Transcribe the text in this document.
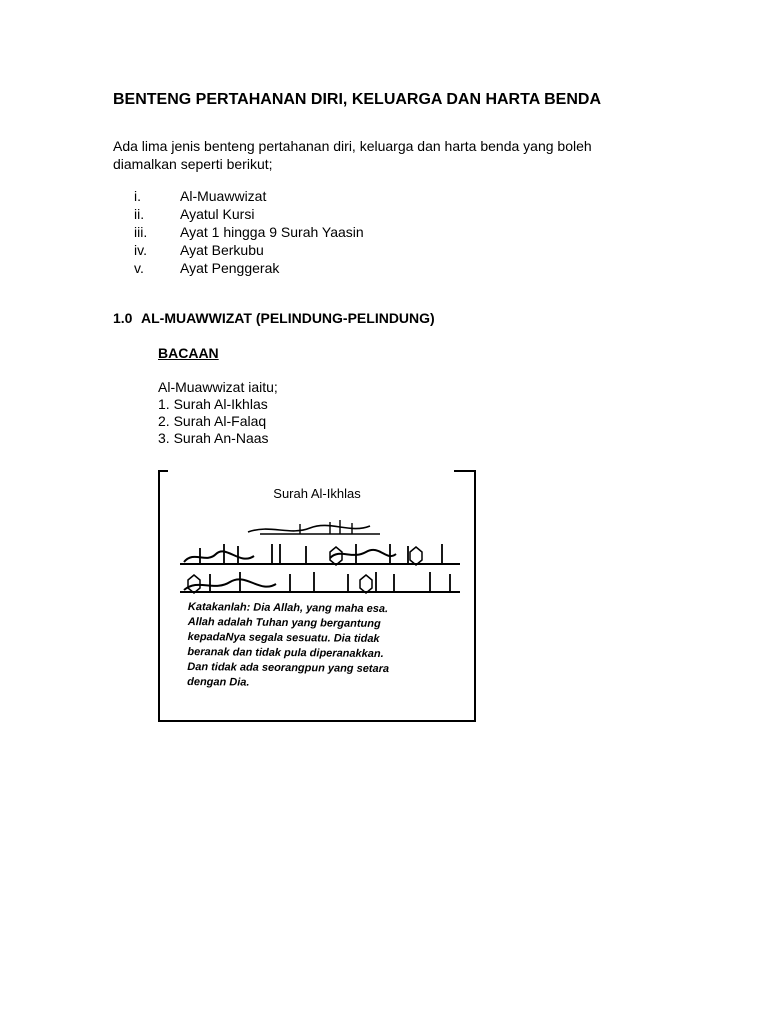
BENTENG PERTAHANAN DIRI, KELUARGA DAN HARTA BENDA
Ada lima jenis benteng pertahanan diri, keluarga dan harta benda yang boleh diamalkan seperti berikut;
i.	Al-Muawwizat
ii.	Ayatul Kursi
iii.	Ayat 1 hingga 9 Surah Yaasin
iv.	Ayat Berkubu
v.	Ayat Penggerak
1.0 AL-MUAWWIZAT (PELINDUNG-PELINDUNG)
BACAAN
Al-Muawwizat iaitu;
1. Surah Al-Ikhlas
2. Surah Al-Falaq
3. Surah An-Naas
Surah Al-Ikhlas
Katakanlah: Dia Allah, yang maha esa.
Allah adalah Tuhan yang bergantung
kepadaNya segala sesuatu. Dia tidak
beranak dan tidak pula diperanakkan.
Dan tidak ada seorangpun yang setara
dengan Dia.
